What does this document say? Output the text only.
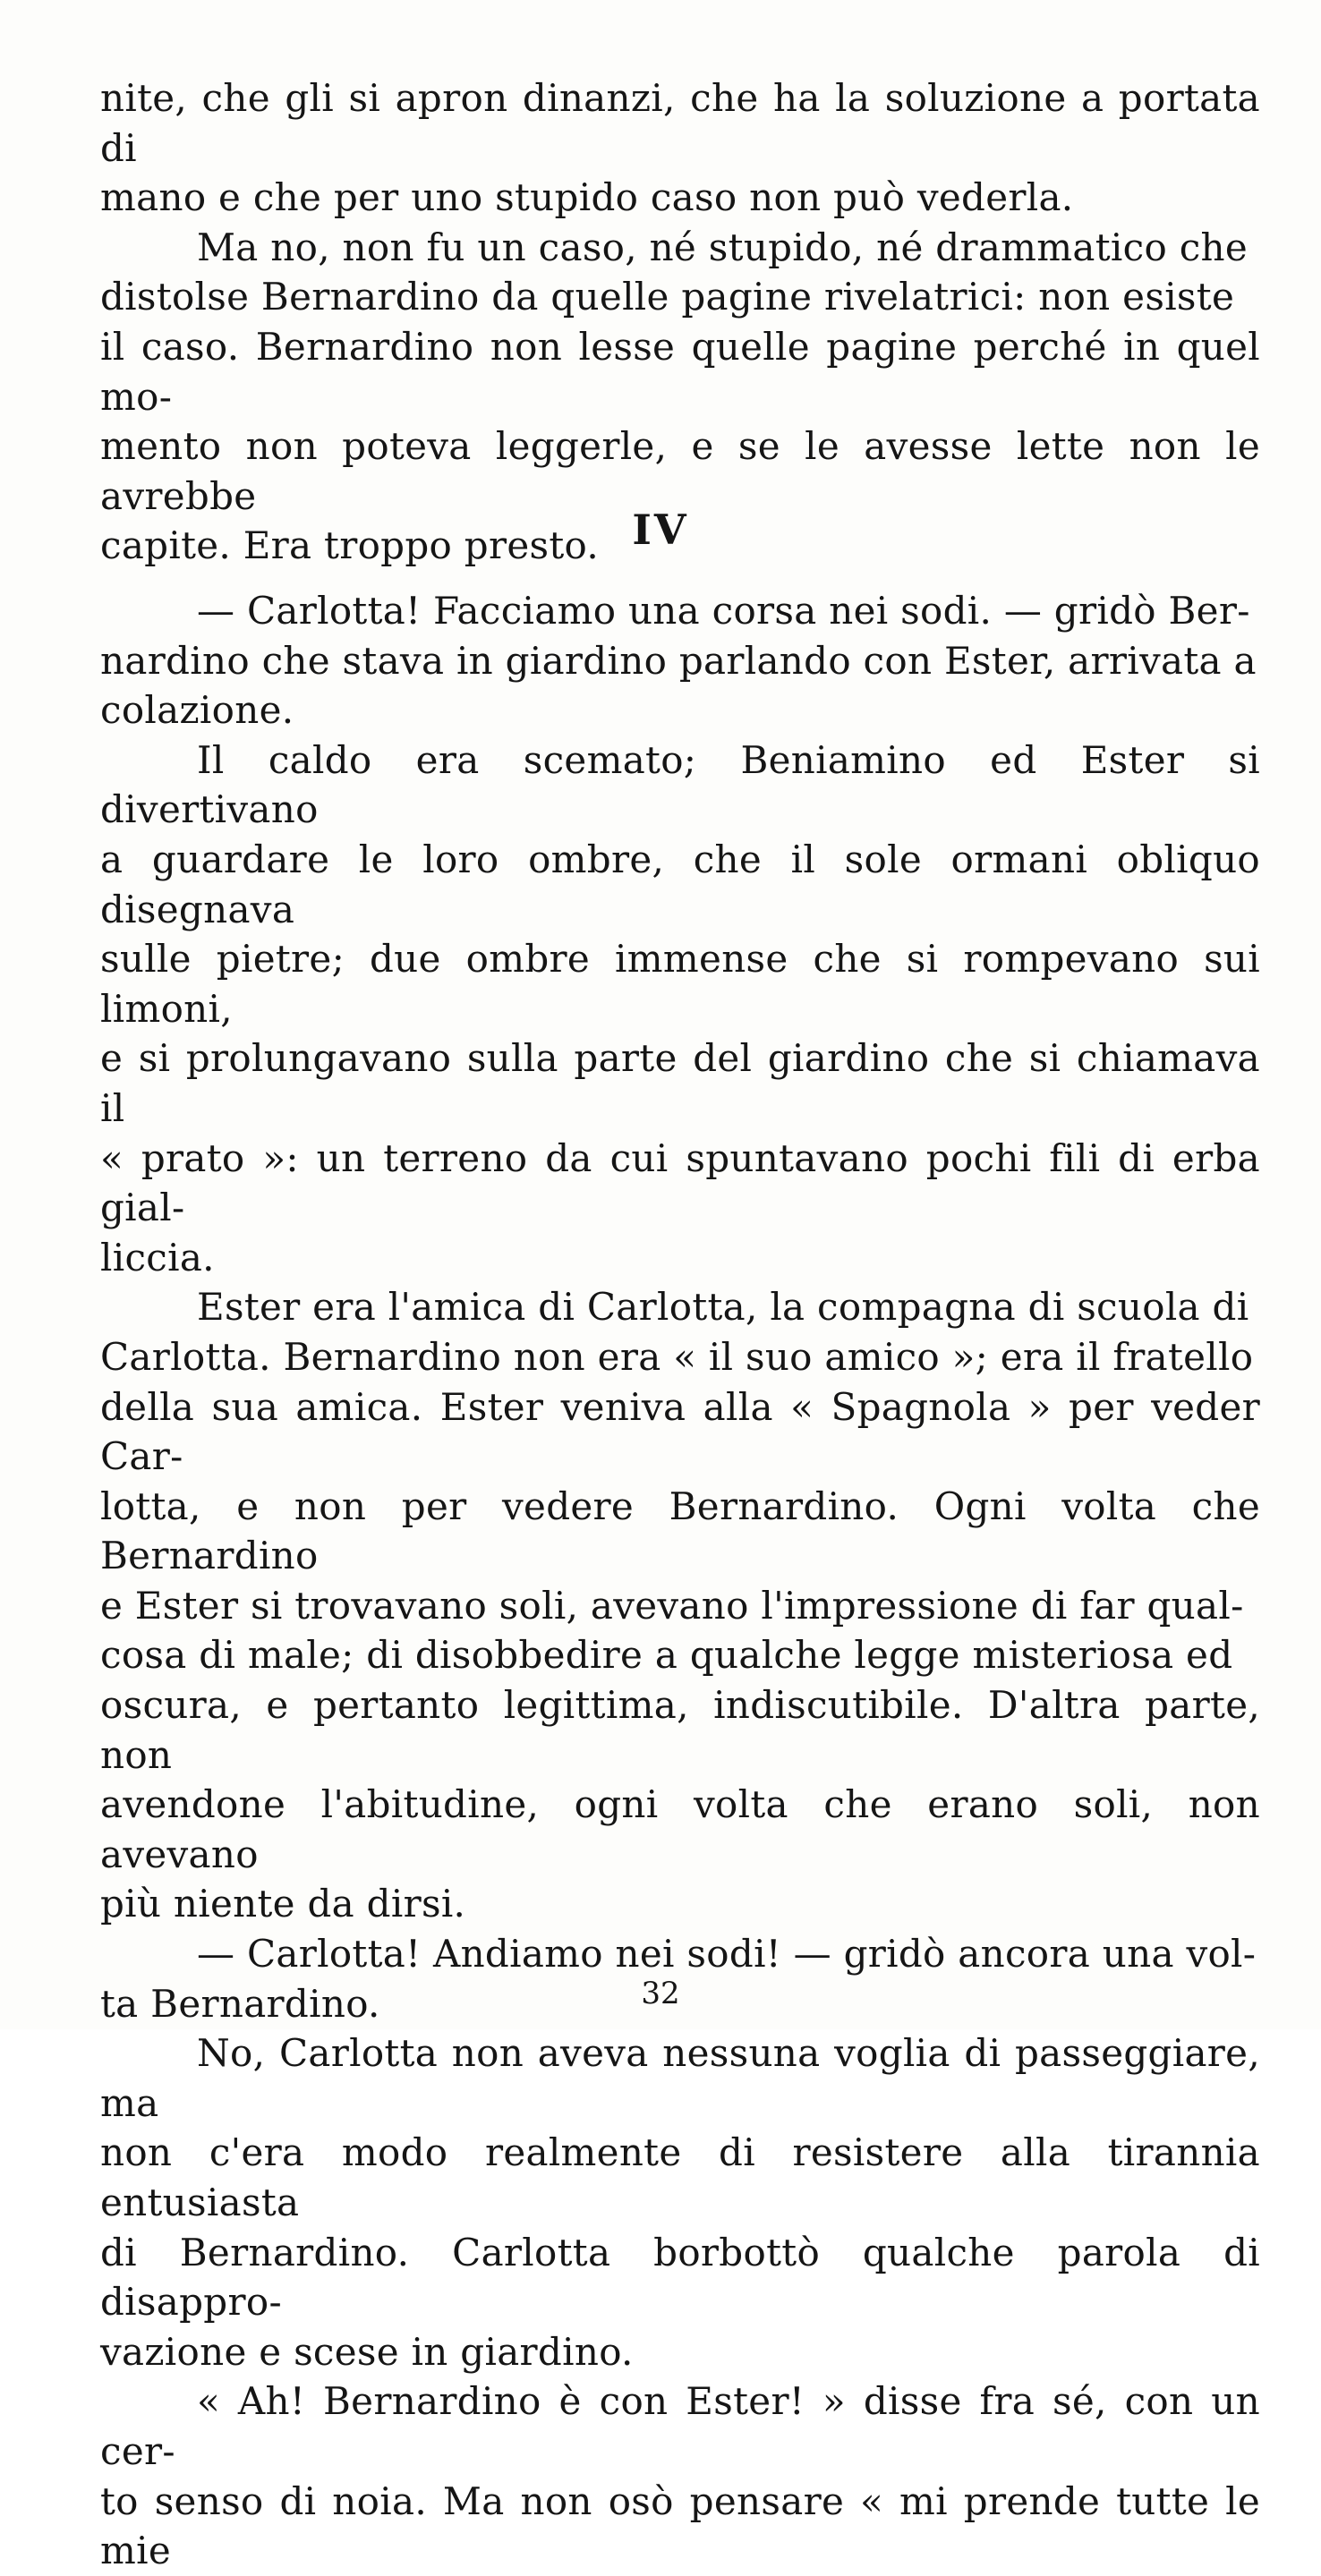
nite, che gli si apron dinanzi, che ha la soluzione a portata di
mano e che per uno stupido caso non può vederla.

Ma no, non fu un caso, né stupido, né drammatico che
distolse Bernardino da quelle pagine rivelatrici: non esiste
il caso. Bernardino non lesse quelle pagine perché in quel mo-
mento non poteva leggerle, e se le avesse lette non le avrebbe
capite. Era troppo presto. IV

— Carlotta! Facciamo una corsa nei sodi. — gridò Ber-
nardino che stava in giardino parlando con Ester, arrivata a
colazione.

Il caldo era scemato; Beniamino ed Ester si divertivano
a guardare le loro ombre, che il sole ormani obliquo disegnava
sulle pietre; due ombre immense che si rompevano sui limoni,
e si prolungavano sulla parte del giardino che si chiamava il
« prato »: un terreno da cui spuntavano pochi fili di erba gial-
liccia.

Ester era l'amica di Carlotta, la compagna di scuola di
Carlotta. Bernardino non era « il suo amico »; era il fratello
della sua amica. Ester veniva alla « Spagnola » per veder Car-
lotta, e non per vedere Bernardino. Ogni volta che Bernardino
e Ester si trovavano soli, avevano l'impressione di far qual-
cosa di male; di disobbedire a qualche legge misteriosa ed
oscura, e pertanto legittima, indiscutibile. D'altra parte, non
avendone l'abitudine, ogni volta che erano soli, non avevano
più niente da dirsi.

— Carlotta! Andiamo nei sodi! — gridò ancora una vol-
ta Bernardino.

No, Carlotta non aveva nessuna voglia di passeggiare, ma
non c'era modo realmente di resistere alla tirannia entusiasta
di Bernardino. Carlotta borbottò qualche parola di disappro-
vazione e scese in giardino.

« Ah! Bernardino è con Ester! » disse fra sé, con un cer-
to senso di noia. Ma non osò pensare « mi prende tutte le mie

32
